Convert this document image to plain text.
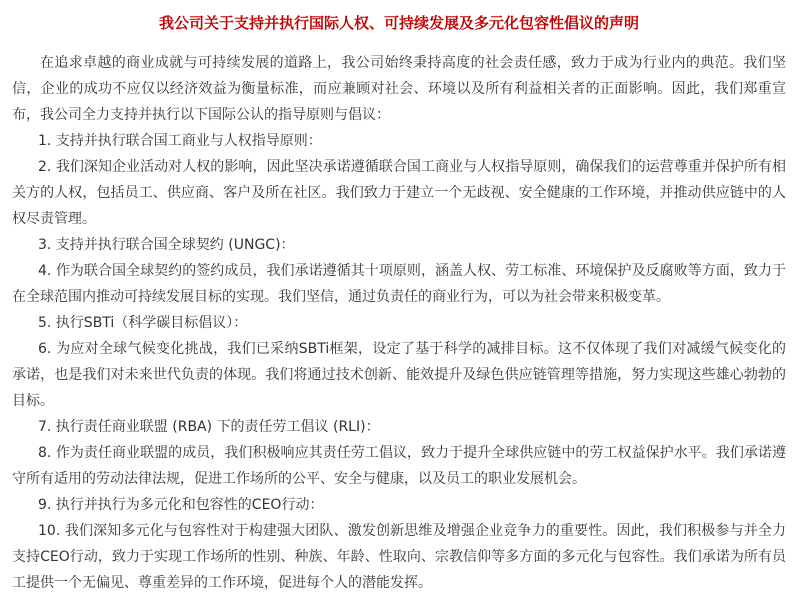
我公司关于支持并执行国际人权、可持续发展及多元化包容性倡议的声明

在追求卓越的商业成就与可持续发展的道路上，我公司始终秉持高度的社会责任感，致力于成为行业内的典范。我们坚信，企业的成功不应仅以经济效益为衡量标准，而应兼顾对社会、环境以及所有利益相关者的正面影响。因此，我们郑重宣布，我公司全力支持并执行以下国际公认的指导原则与倡议：

1. 支持并执行联合国工商业与人权指导原则：

2. 我们深知企业活动对人权的影响，因此坚决承诺遵循联合国工商业与人权指导原则，确保我们的运营尊重并保护所有相关方的人权，包括员工、供应商、客户及所在社区。我们致力于建立一个无歧视、安全健康的工作环境，并推动供应链中的人权尽责管理。

3. 支持并执行联合国全球契约 (UNGC)：

4. 作为联合国全球契约的签约成员，我们承诺遵循其十项原则，涵盖人权、劳工标准、环境保护及反腐败等方面，致力于在全球范围内推动可持续发展目标的实现。我们坚信，通过负责任的商业行为，可以为社会带来积极变革。

5. 执行SBTi（科学碳目标倡议）：

6. 为应对全球气候变化挑战，我们已采纳SBTi框架，设定了基于科学的减排目标。这不仅体现了我们对减缓气候变化的承诺，也是我们对未来世代负责的体现。我们将通过技术创新、能效提升及绿色供应链管理等措施，努力实现这些雄心勃勃的目标。

7. 执行责任商业联盟 (RBA) 下的责任劳工倡议 (RLI)：

8. 作为责任商业联盟的成员，我们积极响应其责任劳工倡议，致力于提升全球供应链中的劳工权益保护水平。我们承诺遵守所有适用的劳动法律法规，促进工作场所的公平、安全与健康，以及员工的职业发展机会。

9. 执行并执行为多元化和包容性的CEO行动：

10. 我们深知多元化与包容性对于构建强大团队、激发创新思维及增强企业竞争力的重要性。因此，我们积极参与并全力支持CEO行动，致力于实现工作场所的性别、种族、年龄、性取向、宗教信仰等多方面的多元化与包容性。我们承诺为所有员工提供一个无偏见、尊重差异的工作环境，促进每个人的潜能发挥。
